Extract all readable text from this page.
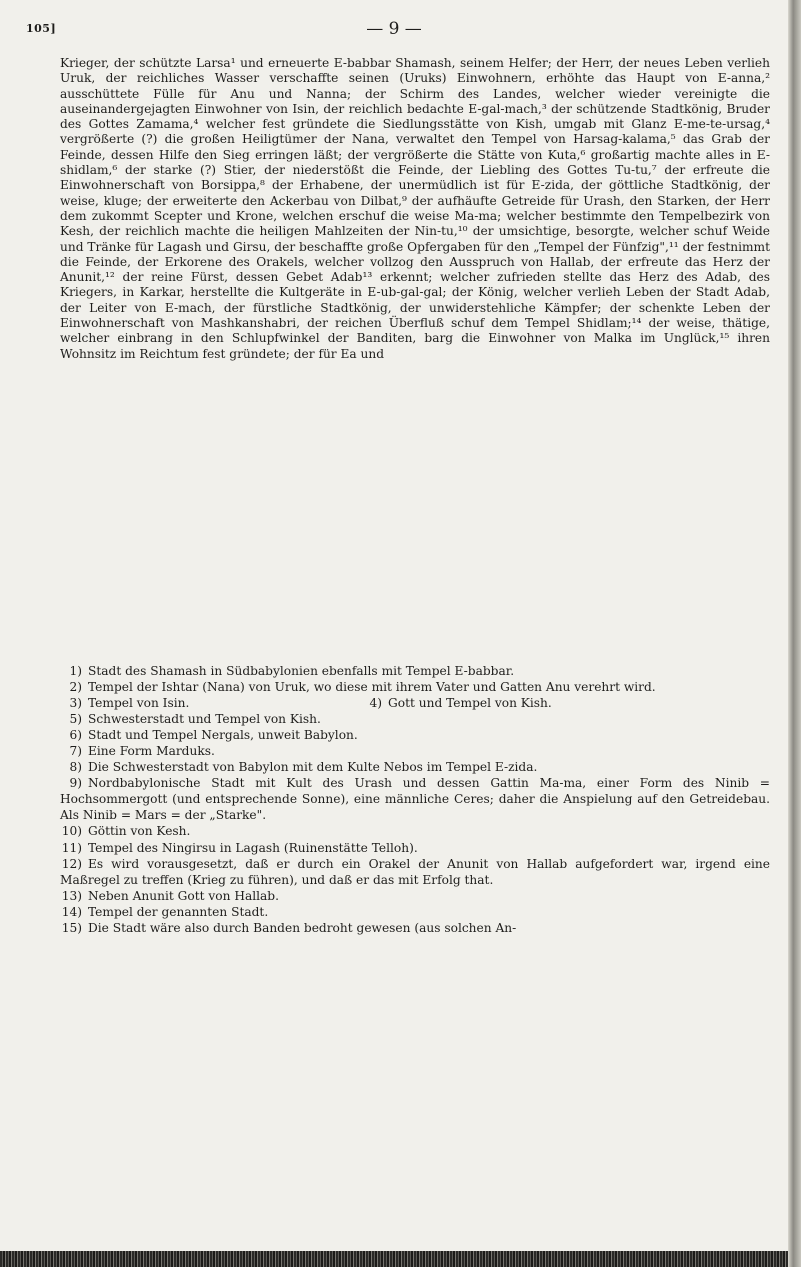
105]	— 9 —

Krieger, der schützte Larsa¹ und erneuerte E-babbar Shamash, seinem Helfer; der Herr, der neues Leben verlieh Uruk, der reichliches Wasser verschaffte seinen (Uruks) Einwohnern, erhöhte das Haupt von E-anna,² ausschüttete Fülle für Anu und Nanna; der Schirm des Landes, welcher wieder vereinigte die auseinandergejagten Einwohner von Isin, der reichlich bedachte E-gal-mach,³ der schützende Stadtkönig, Bruder des Gottes Zamama,⁴ welcher fest gründete die Siedlungsstätte von Kish, umgab mit Glanz E-me-te-ursag,⁴ vergrößerte (?) die großen Heiligtümer der Nana, verwaltet den Tempel von Harsag-kalama,⁵ das Grab der Feinde, dessen Hilfe den Sieg erringen läßt; der vergrößerte die Stätte von Kuta,⁶ großartig machte alles in E-shidlam,⁶ der starke (?) Stier, der niederstößt die Feinde, der Liebling des Gottes Tu-tu,⁷ der erfreute die Einwohnerschaft von Borsippa,⁸ der Erhabene, der unermüdlich ist für E-zida, der göttliche Stadtkönig, der weise, kluge; der erweiterte den Ackerbau von Dilbat,⁹ der aufhäufte Getreide für Urash, den Starken, der Herr dem zukommt Scepter und Krone, welchen erschuf die weise Ma-ma; welcher bestimmte den Tempelbezirk von Kesh, der reichlich machte die heiligen Mahlzeiten der Nin-tu,¹⁰ der umsichtige, besorgte, welcher schuf Weide und Tränke für Lagash und Girsu, der beschaffte große Opfergaben für den „Tempel der Fünfzig",¹¹ der festnimmt die Feinde, der Erkorene des Orakels, welcher vollzog den Ausspruch von Hallab, der erfreute das Herz der Anunit,¹² der reine Fürst, dessen Gebet Adab¹³ erkennt; welcher zufrieden stellte das Herz des Adab, des Kriegers, in Karkar, herstellte die Kultgeräte in E-ub-gal-gal; der König, welcher verlieh Leben der Stadt Adab, der Leiter von E-mach, der fürstliche Stadtkönig, der unwiderstehliche Kämpfer; der schenkte Leben der Einwohnerschaft von Mashkanshabri, der reichen Überfluß schuf dem Tempel Shidlam;¹⁴ der weise, thätige, welcher einbrang in den Schlupfwinkel der Banditen, barg die Einwohner von Malka im Unglück,¹⁵ ihren Wohnsitz im Reichtum fest gründete; der für Ea und

1) Stadt des Shamash in Südbabylonien ebenfalls mit Tempel E-babbar.
2) Tempel der Ishtar (Nana) von Uruk, wo diese mit ihrem Vater und Gatten Anu verehrt wird.
3) Tempel von Isin.	4) Gott und Tempel von Kish.
5) Schwesterstadt und Tempel von Kish.
6) Stadt und Tempel Nergals, unweit Babylon.
7) Eine Form Marduks.
8) Die Schwesterstadt von Babylon mit dem Kulte Nebos im Tempel E-zida.
9) Nordbabylonische Stadt mit Kult des Urash und dessen Gattin Ma-ma, einer Form des Ninib = Hochsommergott (und entsprechende Sonne), eine männliche Ceres; daher die Anspielung auf den Getreidebau. Als Ninib = Mars = der „Starke".
10) Göttin von Kesh.
11) Tempel des Ningirsu in Lagash (Ruinenstätte Telloh).
12) Es wird vorausgesetzt, daß er durch ein Orakel der Anunit von Hallab aufgefordert war, irgend eine Maßregel zu treffen (Krieg zu führen), und daß er das mit Erfolg that.
13) Neben Anunit Gott von Hallab.
14) Tempel der genannten Stadt.
15) Die Stadt wäre also durch Banden bedroht gewesen (aus solchen An-
